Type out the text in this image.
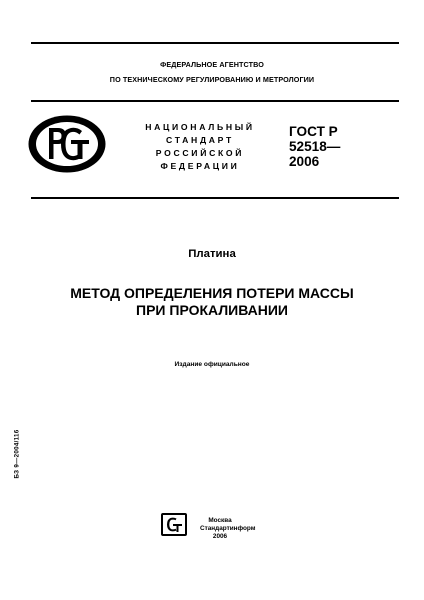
ФЕДЕРАЛЬНОЕ АГЕНТСТВО
ПО ТЕХНИЧЕСКОМУ РЕГУЛИРОВАНИЮ И МЕТРОЛОГИИ
НАЦИОНАЛЬНЫЙ
СТАНДАРТ
РОССИЙСКОЙ
ФЕДЕРАЦИИ
ГОСТ Р
52518—
2006
Платина
МЕТОД ОПРЕДЕЛЕНИЯ ПОТЕРИ МАССЫ
ПРИ ПРОКАЛИВАНИИ
Издание официальное
БЗ 9—2004/116
Москва
Стандартинформ
2006
